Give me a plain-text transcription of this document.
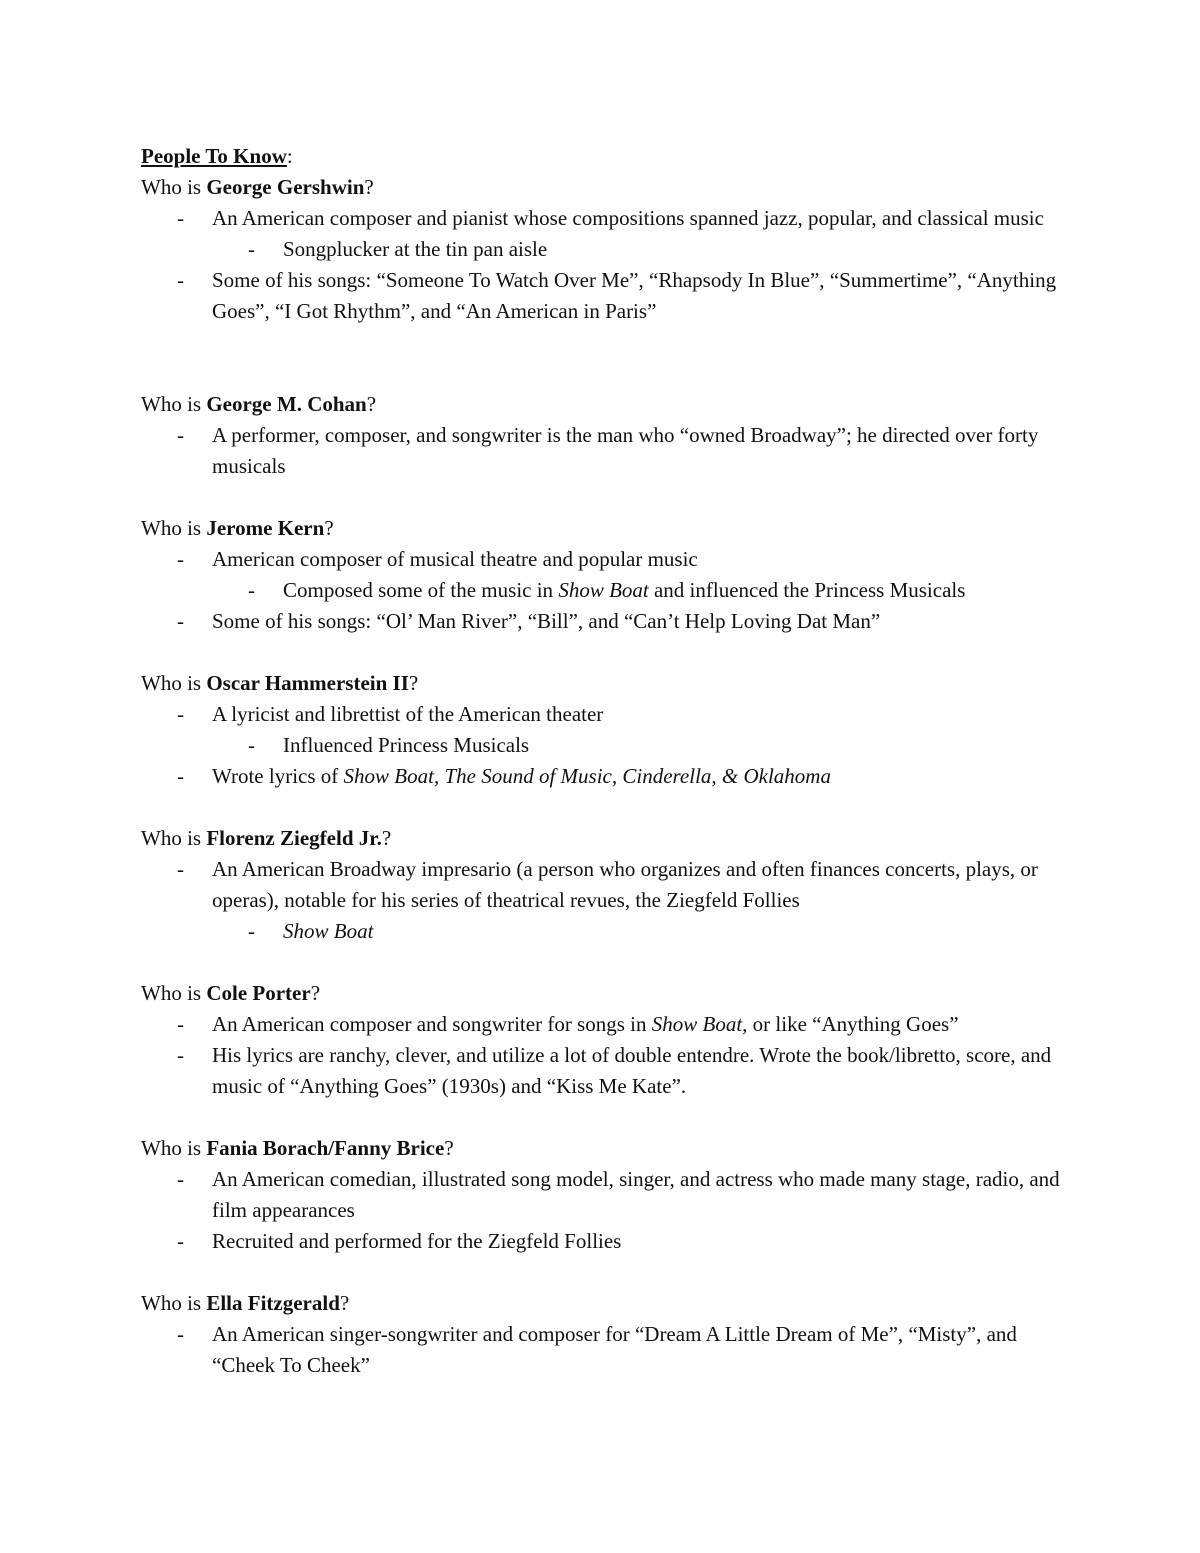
People To Know:
Who is George Gershwin?
- An American composer and pianist whose compositions spanned jazz, popular, and classical music
- Songplucker at the tin pan aisle
- Some of his songs: “Someone To Watch Over Me”, “Rhapsody In Blue”, “Summertime”, “Anything Goes”, “I Got Rhythm”, and “An American in Paris”
Who is George M. Cohan?
- A performer, composer, and songwriter is the man who “owned Broadway”; he directed over forty musicals
Who is Jerome Kern?
- American composer of musical theatre and popular music
- Composed some of the music in Show Boat and influenced the Princess Musicals
- Some of his songs: “Ol’ Man River”, “Bill”, and “Can’t Help Loving Dat Man”
Who is Oscar Hammerstein II?
- A lyricist and librettist of the American theater
- Influenced Princess Musicals
- Wrote lyrics of Show Boat, The Sound of Music, Cinderella, & Oklahoma
Who is Florenz Ziegfeld Jr.?
- An American Broadway impresario (a person who organizes and often finances concerts, plays, or operas), notable for his series of theatrical revues, the Ziegfeld Follies
- Show Boat
Who is Cole Porter?
- An American composer and songwriter for songs in Show Boat, or like “Anything Goes”
- His lyrics are ranchy, clever, and utilize a lot of double entendre. Wrote the book/libretto, score, and music of “Anything Goes” (1930s) and “Kiss Me Kate”.
Who is Fania Borach/Fanny Brice?
- An American comedian, illustrated song model, singer, and actress who made many stage, radio, and film appearances
- Recruited and performed for the Ziegfeld Follies
Who is Ella Fitzgerald?
- An American singer-songwriter and composer for “Dream A Little Dream of Me”, “Misty”, and “Cheek To Cheek”
